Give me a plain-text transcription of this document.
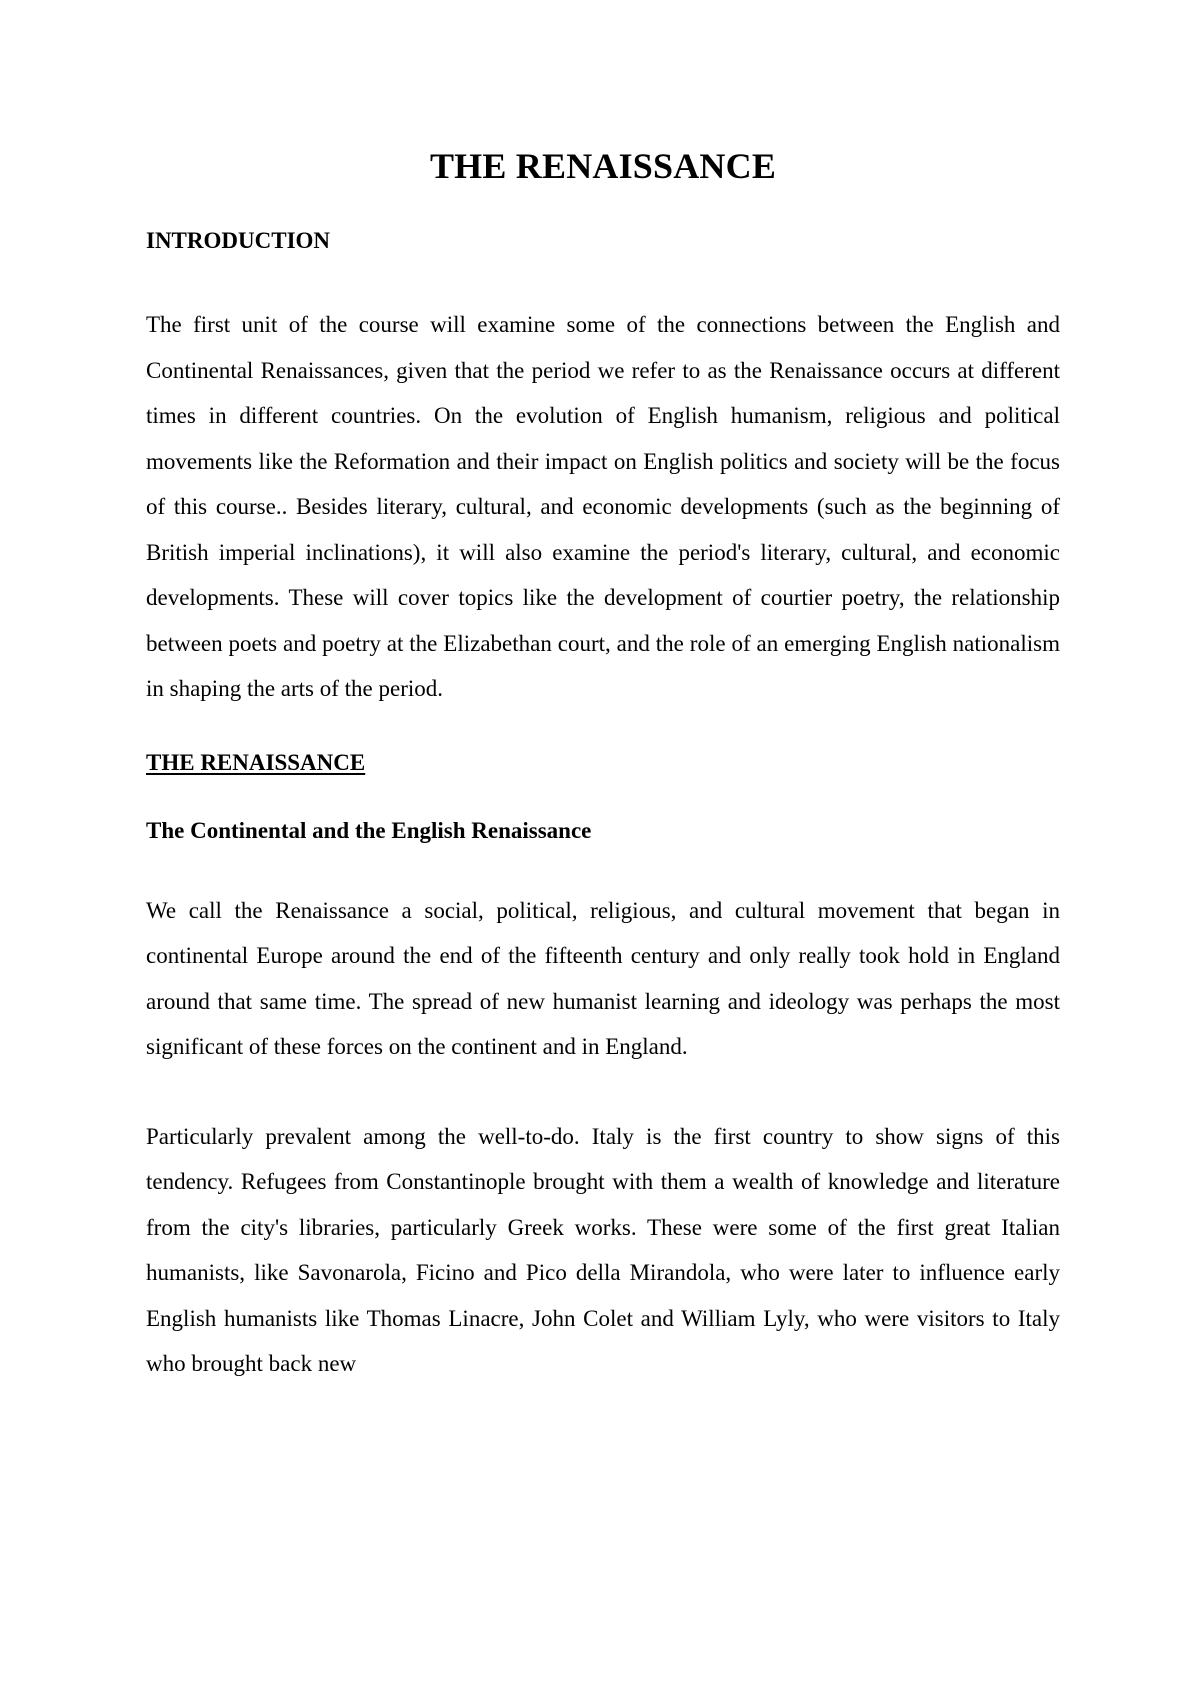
THE RENAISSANCE
INTRODUCTION

The first unit of the course will examine some of the connections between the English and Continental Renaissances, given that the period we refer to as the Renaissance occurs at different times in different countries. On the evolution of English humanism, religious and political movements like the Reformation and their impact on English politics and society will be the focus of this course.. Besides literary, cultural, and economic developments (such as the beginning of British imperial inclinations), it will also examine the period's literary, cultural, and economic developments. These will cover topics like the development of courtier poetry, the relationship between poets and poetry at the Elizabethan court, and the role of an emerging English nationalism in shaping the arts of the period.

THE RENAISSANCE
The Continental and the English Renaissance

We call the Renaissance a social, political, religious, and cultural movement that began in continental Europe around the end of the fifteenth century and only really took hold in England around that same time. The spread of new humanist learning and ideology was perhaps the most significant of these forces on the continent and in England.

Particularly prevalent among the well-to-do. Italy is the first country to show signs of this tendency. Refugees from Constantinople brought with them a wealth of knowledge and literature from the city's libraries, particularly Greek works. These were some of the first great Italian humanists, like Savonarola, Ficino and Pico della Mirandola, who were later to influence early English humanists like Thomas Linacre, John Colet and William Lyly, who were visitors to Italy who brought back new
